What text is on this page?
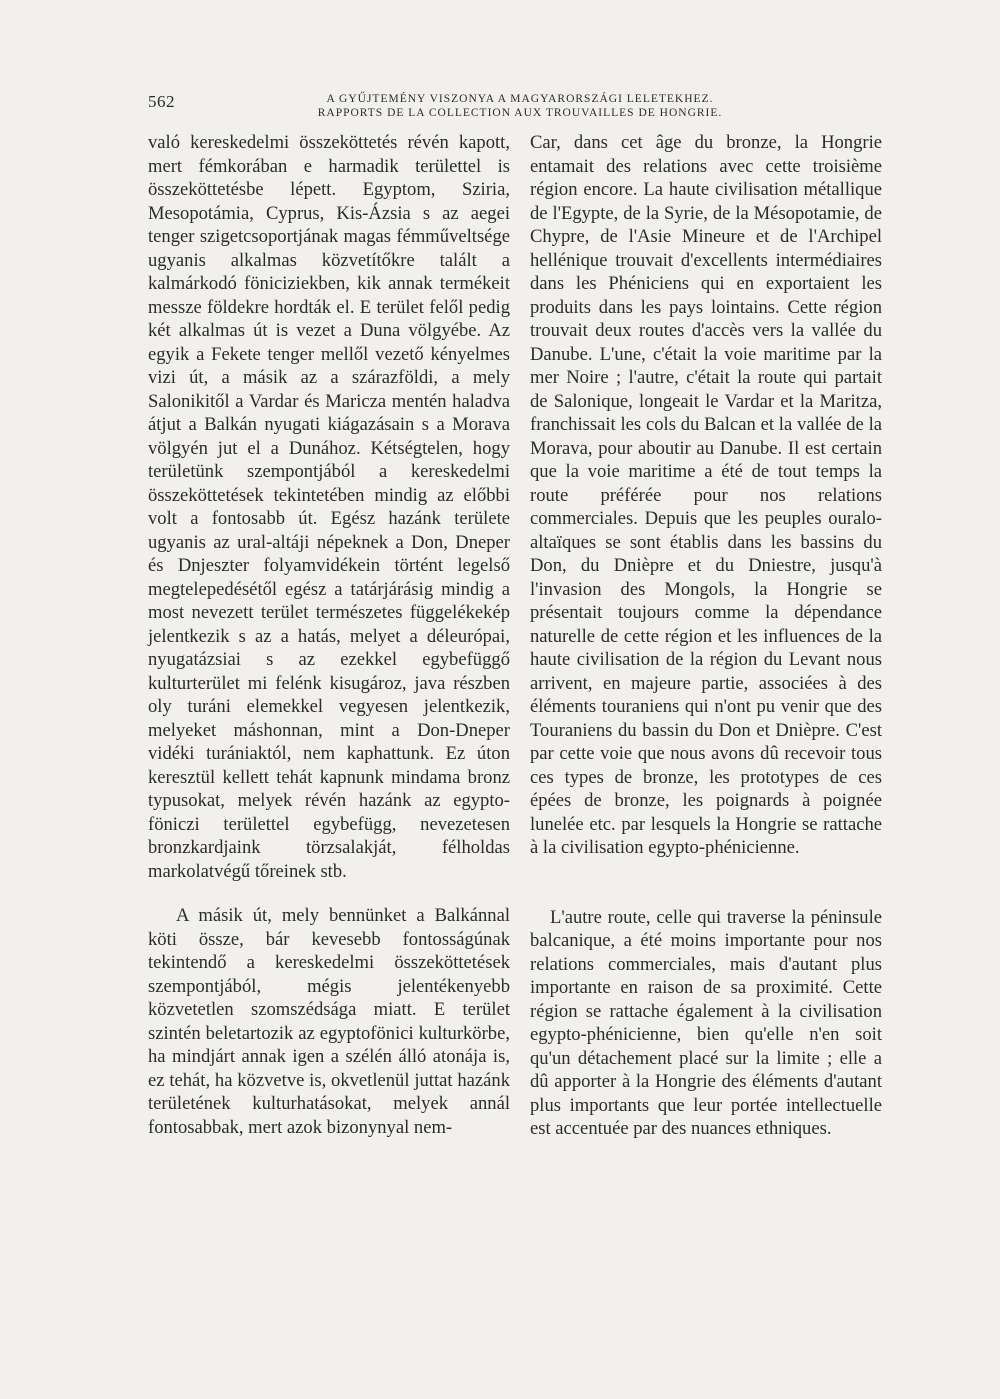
562	A GYŰJTEMÉNY VISZONYA A MAGYARORSZÁGI LELETEKHEZ.
RAPPORTS DE LA COLLECTION AUX TROUVAILLES DE HONGRIE.

való kereskedelmi összeköttetés révén kapott, mert fémkorában e harmadik területtel is összeköttetésbe lépett. Egyptom, Sziria, Mesopotámia, Cyprus, Kis-Ázsia s az aegei tenger szigetcsoportjának magas fémműveltsége ugyanis alkalmas közvetítőkre talált a kalmárkodó föniciziekben, kik annak termékeit messze földekre hordták el. E terület felől pedig két alkalmas út is vezet a Duna völgyébe. Az egyik a Fekete tenger mellől vezető kényelmes vizi út, a másik az a szárazföldi, a mely Salonikitől a Vardar és Maricza mentén haladva átjut a Balkán nyugati kiágazásain s a Morava völgyén jut el a Dunához. Kétségtelen, hogy területünk szempontjából a kereskedelmi összeköttetések tekintetében mindig az előbbi volt a fontosabb út. Egész hazánk területe ugyanis az ural-altáji népeknek a Don, Dneper és Dnjeszter folyamvidékein történt legelső megtelepedésétől egész a tatárjárásig mindig a most nevezett terület természetes függelékekép jelentkezik s az a hatás, melyet a déleurópai, nyugatázsiai s az ezekkel egybefüggő kulturterület mi felénk kisugároz, java részben oly turáni elemekkel vegyesen jelentkezik, melyeket máshonnan, mint a Don-Dneper vidéki turániaktól, nem kaphattunk. Ez úton keresztül kellett tehát kapnunk mindama bronz typusokat, melyek révén hazánk az egypto-föniczi területtel egybefügg, nevezetesen bronzkardjaink törzsalakját, félholdas markolatvégű tőreinek stb.

A másik út, mely bennünket a Balkánnal köti össze, bár kevesebb fontosságúnak tekintendő a kereskedelmi összeköttetések szempontjából, mégis jelentékenyebb közvetetlen szomszédsága miatt. E terület szintén beletartozik az egyptofönici kulturkörbe, ha mindjárt annak igen a szélén álló atonája is, ez tehát, ha közvetve is, okvetlenül juttat hazánk területének kulturhatásokat, melyek annál fontosabbak, mert azok bizonynyal nem-

Car, dans cet âge du bronze, la Hongrie entamait des relations avec cette troisième région encore. La haute civilisation métallique de l'Egypte, de la Syrie, de la Mésopotamie, de Chypre, de l'Asie Mineure et de l'Archipel hellénique trouvait d'excellents intermédiaires dans les Phéniciens qui en exportaient les produits dans les pays lointains. Cette région trouvait deux routes d'accès vers la vallée du Danube. L'une, c'était la voie maritime par la mer Noire ; l'autre, c'était la route qui partait de Salonique, longeait le Vardar et la Maritza, franchissait les cols du Balcan et la vallée de la Morava, pour aboutir au Danube. Il est certain que la voie maritime a été de tout temps la route préférée pour nos relations commerciales. Depuis que les peuples ouralo-altaïques se sont établis dans les bassins du Don, du Dnièpre et du Dniestre, jusqu'à l'invasion des Mongols, la Hongrie se présentait toujours comme la dépendance naturelle de cette région et les influences de la haute civilisation de la région du Levant nous arrivent, en majeure partie, associées à des éléments touraniens qui n'ont pu venir que des Touraniens du bassin du Don et Dnièpre. C'est par cette voie que nous avons dû recevoir tous ces types de bronze, les prototypes de ces épées de bronze, les poignards à poignée lunelée etc. par lesquels la Hongrie se rattache à la civilisation egypto-phénicienne.

L'autre route, celle qui traverse la péninsule balcanique, a été moins importante pour nos relations commerciales, mais d'autant plus importante en raison de sa proximité. Cette région se rattache également à la civilisation egypto-phénicienne, bien qu'elle n'en soit qu'un détachement placé sur la limite ; elle a dû apporter à la Hongrie des éléments d'autant plus importants que leur portée intellectuelle est accentuée par des nuances ethniques.
